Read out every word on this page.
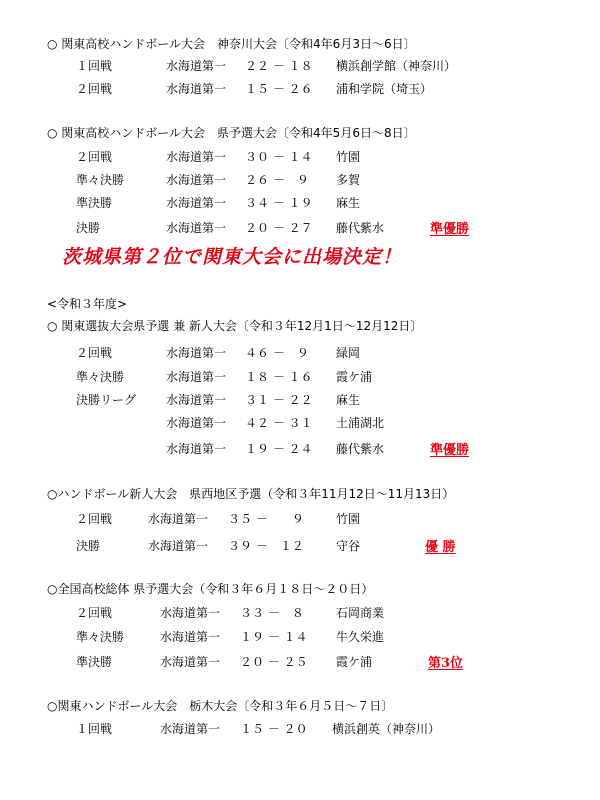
○ 関東高校ハンドボール大会　神奈川大会〔令和4年6月3日～6日〕
１回戦	水海道第一 ２２ － １８ 横浜創学館（神奈川）
２回戦	水海道第一 １５ － ２６ 浦和学院（埼玉）
○ 関東高校ハンドボール大会　県予選大会〔令和4年5月6日～8日〕
２回戦	水海道第一 ３０ － １４ 竹園
準々決勝	水海道第一 ２６ －　９ 多賀
準決勝	水海道第一 ３４ － １９ 麻生
決勝	水海道第一 ２０ － ２７ 藤代紫水	準優勝
茨城県第２位で関東大会に出場決定！
<令和３年度>
○ 関東選抜大会県予選 兼 新人大会〔令和３年12月1日～12月12日〕
２回戦	水海道第一 ４６ －　９ 緑岡
準々決勝	水海道第一 １８ － １６ 霞ケ浦
決勝リーグ 水海道第一 ３１ － ２２ 麻生
水海道第一 ４２ － ３１ 土浦湖北
水海道第一 １９ － ２４ 藤代紫水	準優勝
○ハンドボール新人大会　県西地区予選（令和３年11月12日～11月13日）
２回戦	水海道第一 ３５ －　　９	竹園
決勝	水海道第一 ３９ －　１２	守谷	優 勝
○全国高校総体 県予選大会（令和３年６月１８日～２０日）
２回戦	水海道第一 ３３ －　８	石岡商業
準々決勝	水海道第一 １９ － １４ 牛久栄進
準決勝	水海道第一 ２０ － ２５ 霞ケ浦	第3位
○関東ハンドボール大会　栃木大会〔令和３年６月５日～７日〕
１回戦	水海道第一 １５ － ２０ 横浜創英（神奈川）
